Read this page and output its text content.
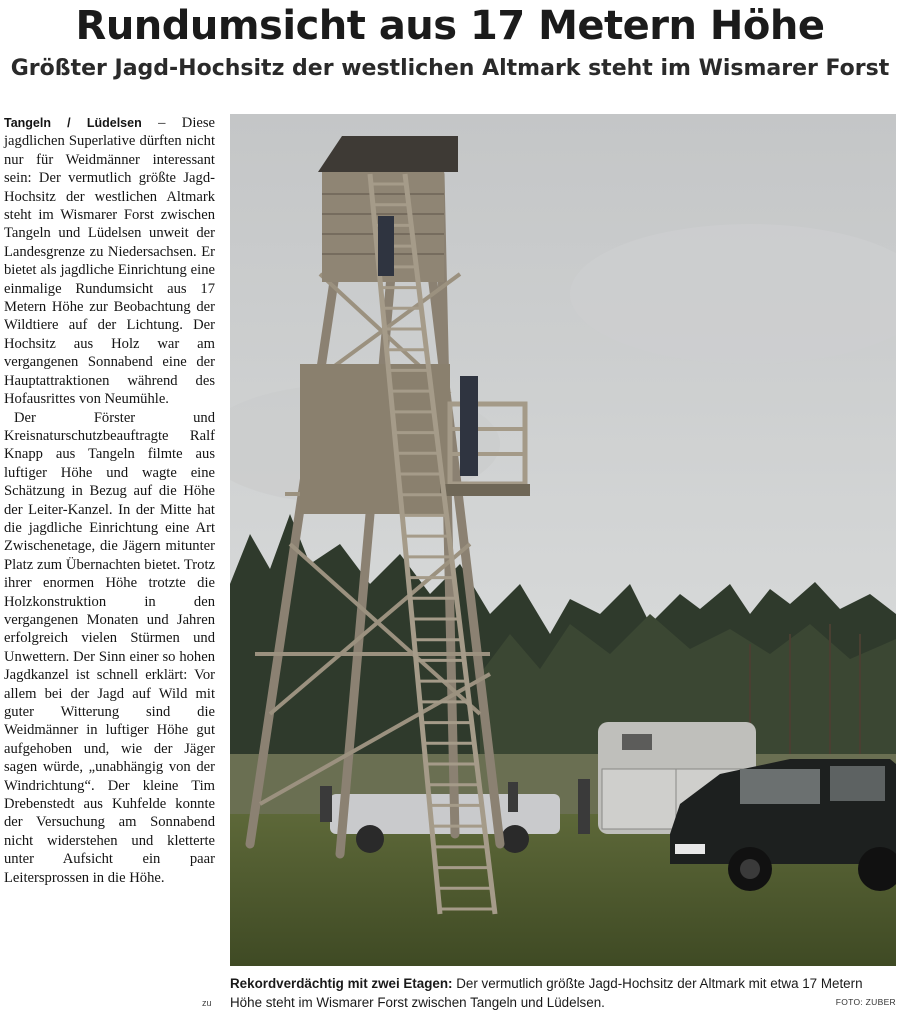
Rundumsicht aus 17 Metern Höhe
Größter Jagd-Hochsitz der westlichen Altmark steht im Wismarer Forst

Tangeln / Lüdelsen – Diese jagdlichen Superlative dürften nicht nur für Weidmänner interessant sein: Der vermutlich größte Jagd-Hochsitz der westlichen Altmark steht im Wismarer Forst zwischen Tangeln und Lüdelsen unweit der Landesgrenze zu Niedersachsen. Er bietet als jagdliche Einrichtung eine einmalige Rundumsicht aus 17 Metern Höhe zur Beobachtung der Wildtiere auf der Lichtung. Der Hochsitz aus Holz war am vergangenen Sonnabend eine der Hauptattraktionen während des Hofausrittes von Neumühle.

Der Förster und Kreisnaturschutzbeauftragte Ralf Knapp aus Tangeln filmte aus luftiger Höhe und wagte eine Schätzung in Bezug auf die Höhe der Leiter-Kanzel. In der Mitte hat die jagdliche Einrichtung eine Art Zwischenetage, die Jägern mitunter Platz zum Übernachten bietet. Trotz ihrer enormen Höhe trotzte die Holzkonstruktion in den vergangenen Monaten und Jahren erfolgreich vielen Stürmen und Unwettern. Der Sinn einer so hohen Jagdkanzel ist schnell erklärt: Vor allem bei der Jagd auf Wild mit guter Witterung sind die Weidmänner in luftiger Höhe gut aufgehoben und, wie der Jäger sagen würde, „unabhängig von der Windrichtung“. Der kleine Tim Drebenstedt aus Kuhfelde konnte der Versuchung am Sonnabend nicht widerstehen und kletterte unter Aufsicht ein paar Leitersprossen in die Höhe.

zu
Rekordverdächtig mit zwei Etagen: Der vermutlich größte Jagd-Hochsitz der Altmark mit etwa 17 Metern Höhe steht im Wismarer Forst zwischen Tangeln und Lüdelsen.	FOTO: ZUBER
